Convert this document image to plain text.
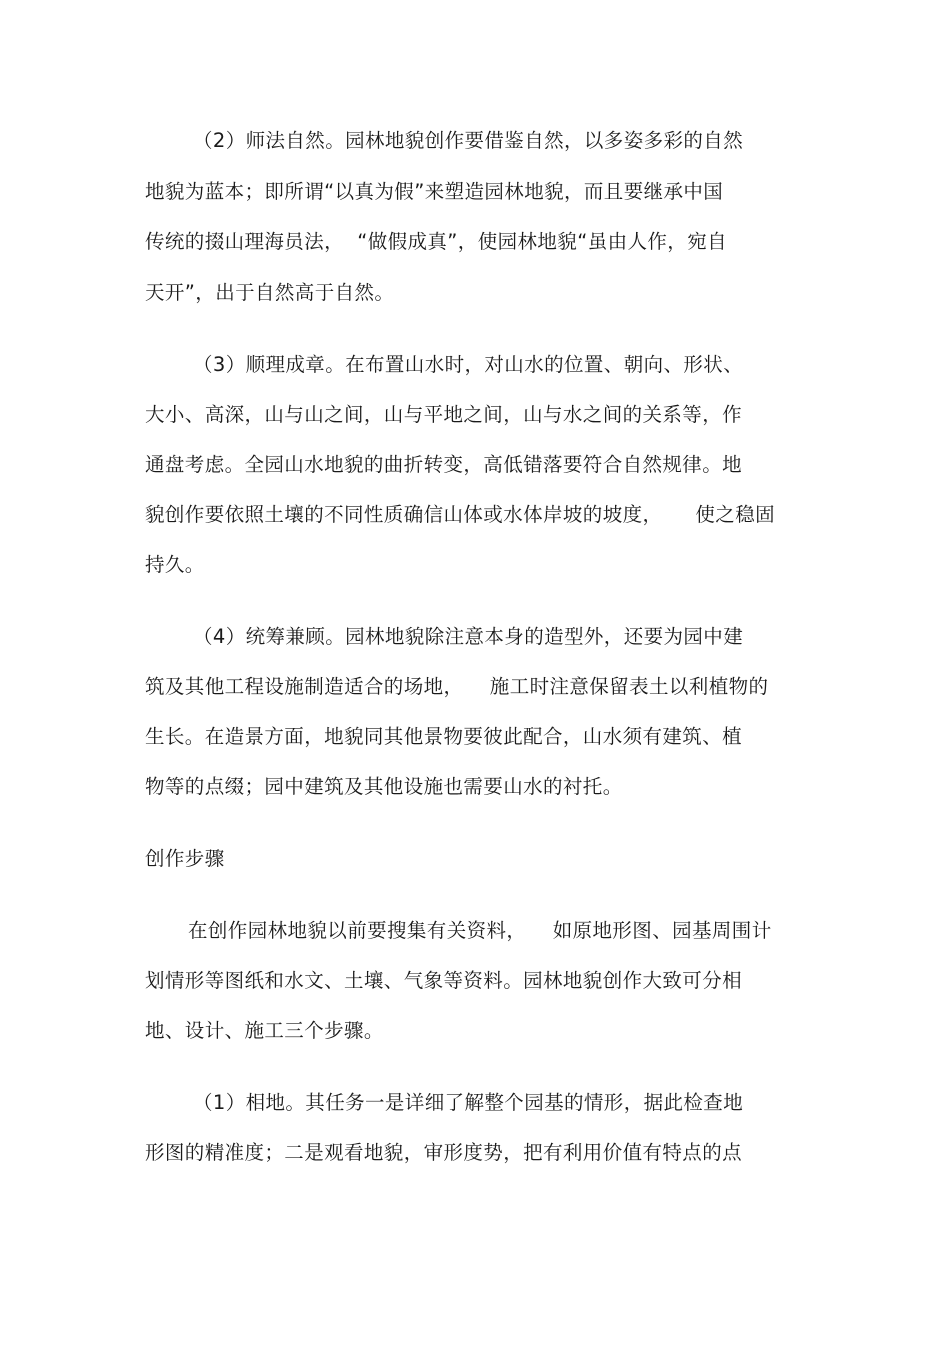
（2）师法自然。园林地貌创作要借鉴自然，以多姿多彩的自然
地貌为蓝本；即所谓“以真为假”来塑造园林地貌，而且要继承中国
传统的掇山理海员法，  “做假成真”，使园林地貌“虽由人作，宛自
天开”，出于自然高于自然。
（3）顺理成章。在布置山水时，对山水的位置、朝向、形状、
大小、高深，山与山之间，山与平地之间，山与水之间的关系等，作
通盘考虑。全园山水地貌的曲折转变，高低错落要符合自然规律。地
貌创作要依照土壤的不同性质确信山体或水体岸坡的坡度，     使之稳固
持久。
（4）统筹兼顾。园林地貌除注意本身的造型外，还要为园中建
筑及其他工程设施制造适合的场地，    施工时注意保留表土以利植物的
生长。在造景方面，地貌同其他景物要彼此配合，山水须有建筑、植
物等的点缀；园中建筑及其他设施也需要山水的衬托。
创作步骤
在创作园林地貌以前要搜集有关资料，    如原地形图、园基周围计
划情形等图纸和水文、土壤、气象等资料。园林地貌创作大致可分相
地、设计、施工三个步骤。
（1）相地。其任务一是详细了解整个园基的情形，据此检查地
形图的精准度；二是观看地貌，审形度势，把有利用价值有特点的点
